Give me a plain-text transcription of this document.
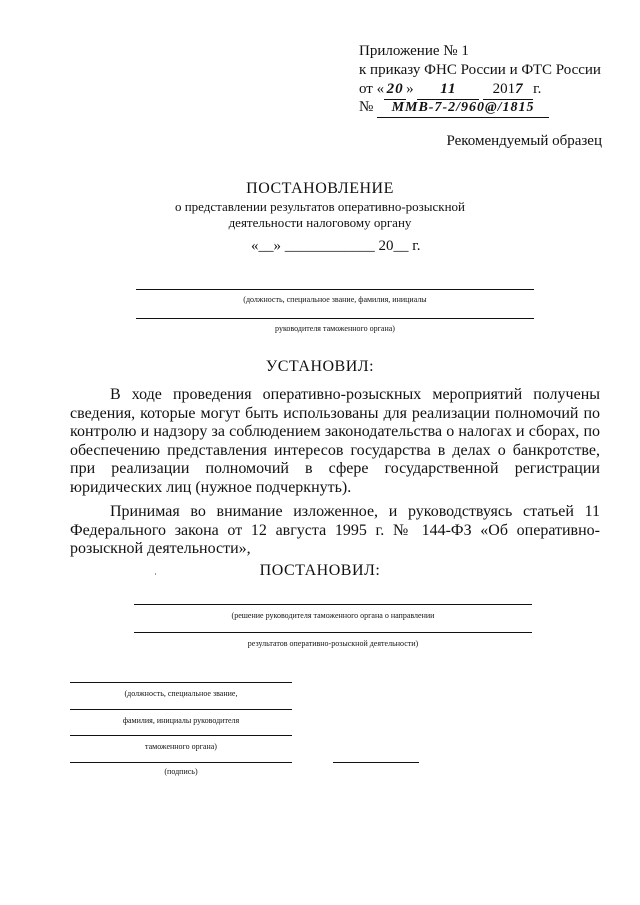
Приложение № 1
к приказу ФНС России и ФТС России
от « 20 » 11 2017 г.
№ ММВ-7-2/960@/1815
Рекомендуемый образец
ПОСТАНОВЛЕНИЕ
о представлении результатов оперативно-розыскной
деятельности налоговому органу
«__» ____________ 20__ г.
(должность, специальное звание, фамилия, инициалы
руководителя таможенного органа)
УСТАНОВИЛ:

В ходе проведения оперативно-розыскных мероприятий получены сведения, которые могут быть использованы для реализации полномочий по контролю и надзору за соблюдением законодательства о налогах и сборах, по обеспечению представления интересов государства в делах о банкротстве, при реализации полномочий в сфере государственной регистрации юридических лиц (нужное подчеркнуть).

Принимая во внимание изложенное, и руководствуясь статьей 11 Федерального закона от 12 августа 1995 г. № 144-ФЗ «Об оперативно-розыскной деятельности»,

ПОСТАНОВИЛ:
(решение руководителя таможенного органа о направлении
результатов оперативно-розыскной деятельности)
(должность, специальное звание,
фамилия, инициалы руководителя
таможенного органа)
(подпись)
